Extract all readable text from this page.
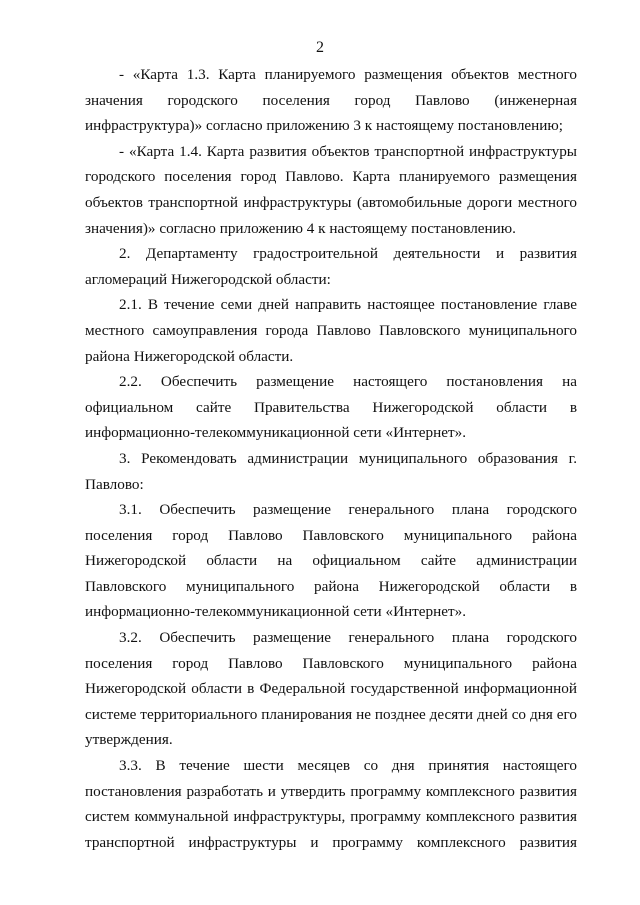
2

- «Карта 1.3. Карта планируемого размещения объектов местного значения городского поселения город Павлово (инженерная инфраструктура)» согласно приложению 3 к настоящему постановлению;

- «Карта 1.4. Карта развития объектов транспортной инфраструктуры городского поселения город Павлово. Карта планируемого размещения объектов транспортной инфраструктуры (автомобильные дороги местного значения)» согласно приложению 4 к настоящему постановлению.

2. Департаменту градостроительной деятельности и развития агломераций Нижегородской области:

2.1. В течение семи дней направить настоящее постановление главе местного самоуправления города Павлово Павловского муниципального района Нижегородской области.

2.2. Обеспечить размещение настоящего постановления на официальном сайте Правительства Нижегородской области в информационно-телекоммуникационной сети «Интернет».

3. Рекомендовать администрации муниципального образования г. Павлово:

3.1. Обеспечить размещение генерального плана городского поселения город Павлово Павловского муниципального района Нижегородской области на официальном сайте администрации Павловского муниципального района Нижегородской области в информационно-телекоммуникационной сети «Интернет».

3.2. Обеспечить размещение генерального плана городского поселения город Павлово Павловского муниципального района Нижегородской области в Федеральной государственной информационной системе территориального планирования не позднее десяти дней со дня его утверждения.

3.3. В течение шести месяцев со дня принятия настоящего постановления разработать и утвердить программу комплексного развития систем коммунальной инфраструктуры, программу комплексного развития транспортной инфраструктуры и программу комплексного развития
